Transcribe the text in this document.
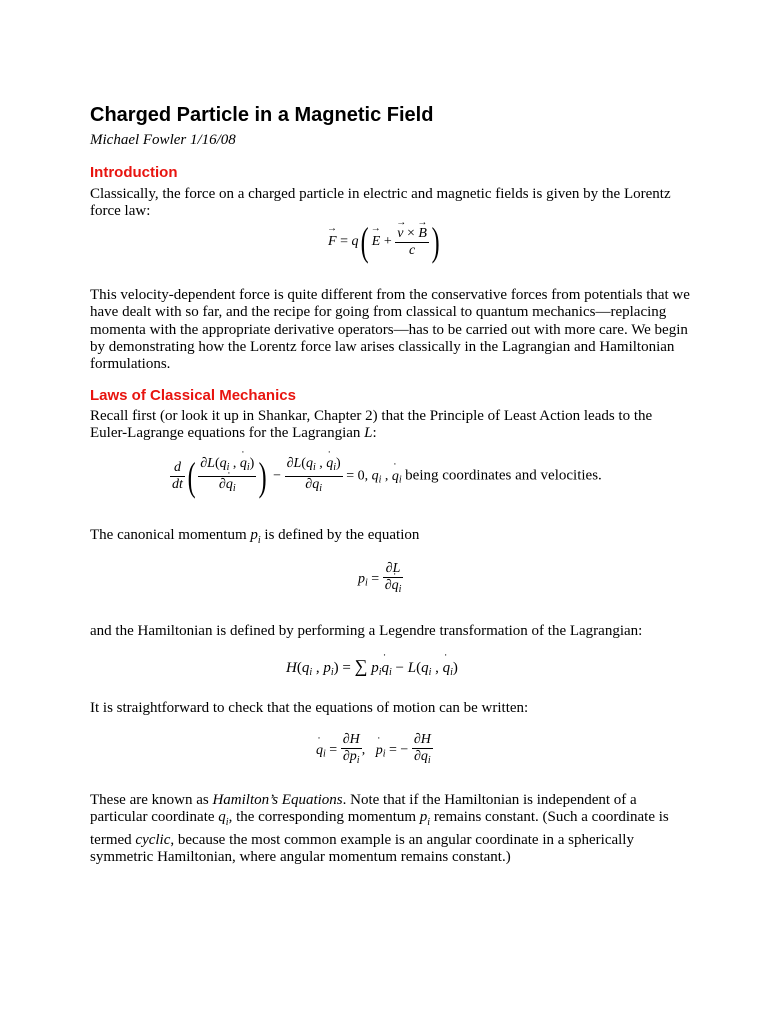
Charged Particle in a Magnetic Field
Michael Fowler 1/16/08
Introduction

Classically, the force on a charged particle in electric and magnetic fields is given by the Lorentz force law:

F → = q( E → + $\frac{v \to \times B \to}{c}$ )

This velocity-dependent force is quite different from the conservative forces from potentials that we have dealt with so far, and the recipe for going from classical to quantum mechanics—replacing momenta with the appropriate derivative operators—has to be carried out with more care. We begin by demonstrating how the Lorentz force law arises classically in the Lagrangian and Hamiltonian formulations.

Laws of Classical Mechanics

Recall first (or look it up in Shankar, Chapter 2) that the Principle of Least Action leads to the Euler-Lagrange equations for the Lagrangian L:

$\frac{d}{dt}$ ( $\frac{\partial L(q_i , q ˙_i)}{\partial q ˙_i}$ ) − $\frac{\partial L(q_i , q ˙_i)}{\partial q_i} = 0$, $q_i$ , q $˙_i$ being coordinates and velocities.

The canonical momentum $p_i$ is defined by the equation

$p_i = \frac{\partial L}{\partial q ˙_i}$

and the Hamiltonian is defined by performing a Legendre transformation of the Lagrangian:

$H(q_i$ , $p_i$) = ∑ $p_iq$ $˙_i - L(q_i$ , q $˙_i$)

It is straightforward to check that the equations of motion can be written:

q $˙_i = \frac{\partial H}{\partial p_i}$ ,   p $˙_i$ = − $\frac{\partial H}{\partial q_i}$

These are known as Hamilton’s Equations. Note that if the Hamiltonian is independent of a particular coordinate $q_i$, the corresponding momentum $p_i$ remains constant. (Such a coordinate is termed cyclic, because the most common example is an angular coordinate in a spherically symmetric Hamiltonian, where angular momentum remains constant.)
